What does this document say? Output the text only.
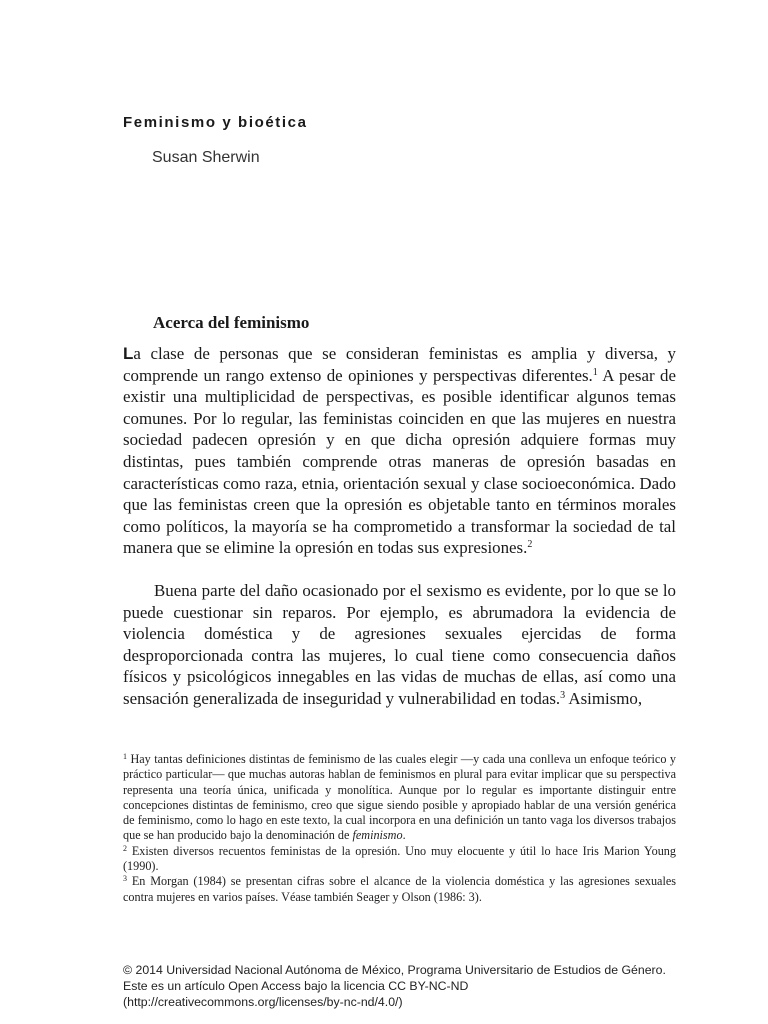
Feminismo y bioética
Susan Sherwin
Acerca del feminismo
La clase de personas que se consideran feministas es amplia y diversa, y comprende un rango extenso de opiniones y perspectivas diferentes.$^1$ A pesar de existir una multiplicidad de perspectivas, es posible identificar algunos temas comunes. Por lo regular, las feministas coinciden en que las mujeres en nuestra sociedad padecen opresión y en que dicha opresión adquiere formas muy distintas, pues también comprende otras maneras de opresión basadas en características como raza, etnia, orientación sexual y clase socioeconómica. Dado que las feministas creen que la opresión es objetable tanto en términos morales como políticos, la mayoría se ha comprometido a transformar la sociedad de tal manera que se elimine la opresión en todas sus expresiones.$^2$
Buena parte del daño ocasionado por el sexismo es evidente, por lo que se lo puede cuestionar sin reparos. Por ejemplo, es abrumadora la evidencia de violencia doméstica y de agresiones sexuales ejercidas de forma desproporcionada contra las mujeres, lo cual tiene como consecuencia daños físicos y psicológicos innegables en las vidas de muchas de ellas, así como una sensación generalizada de inseguridad y vulnerabilidad en todas.$^3$ Asimismo,

$^1$ Hay tantas definiciones distintas de feminismo de las cuales elegir —y cada una conlleva un enfoque teórico y práctico particular— que muchas autoras hablan de feminismos en plural para evitar implicar que su perspectiva representa una teoría única, unificada y monolítica. Aunque por lo regular es importante distinguir entre concepciones distintas de feminismo, creo que sigue siendo posible y apropiado hablar de una versión genérica de feminismo, como lo hago en este texto, la cual incorpora en una definición un tanto vaga los diversos trabajos que se han producido bajo la denominación de feminismo.

$^2$ Existen diversos recuentos feministas de la opresión. Uno muy elocuente y útil lo hace Iris Marion Young (1990).

$^3$ En Morgan (1984) se presentan cifras sobre el alcance de la violencia doméstica y las agresiones sexuales contra mujeres en varios países. Véase también Seager y Olson (1986: 3).

© 2014 Universidad Nacional Autónoma de México, Programa Universitario de Estudios de Género.
Este es un artículo Open Access bajo la licencia CC BY-NC-ND
(http://creativecommons.org/licenses/by-nc-nd/4.0/)
